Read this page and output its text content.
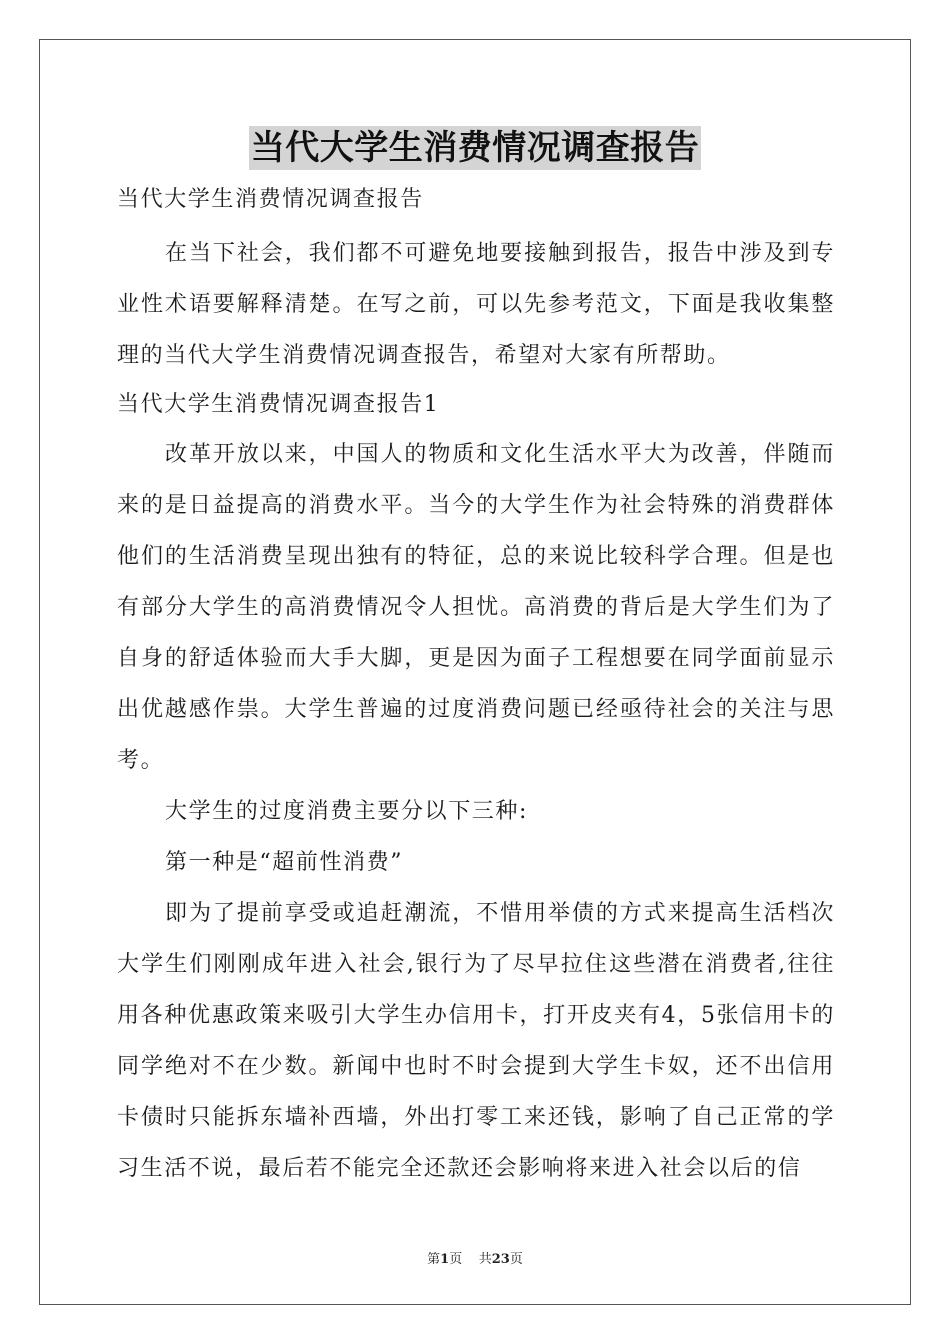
当代大学生消费情况调查报告

当代大学生消费情况调查报告

在当下社会，我们都不可避免地要接触到报告，报告中涉及到专业性术语要解释清楚。在写之前，可以先参考范文，下面是我收集整理的当代大学生消费情况调查报告，希望对大家有所帮助。

当代大学生消费情况调查报告1

改革开放以来，中国人的物质和文化生活水平大为改善，伴随而来的是日益提高的消费水平。当今的大学生作为社会特殊的消费群体他们的生活消费呈现出独有的特征，总的来说比较科学合理。但是也有部分大学生的高消费情况令人担忧。高消费的背后是大学生们为了自身的舒适体验而大手大脚，更是因为面子工程想要在同学面前显示出优越感作祟。大学生普遍的过度消费问题已经亟待社会的关注与思考。

大学生的过度消费主要分以下三种:

第一种是“超前性消费”

即为了提前享受或追赶潮流，不惜用举债的方式来提高生活档次大学生们刚刚成年进入社会,银行为了尽早拉住这些潜在消费者,往往用各种优惠政策来吸引大学生办信用卡，打开皮夹有4，5张信用卡的同学绝对不在少数。新闻中也时不时会提到大学生卡奴，还不出信用卡债时只能拆东墙补西墙，外出打零工来还钱，影响了自己正常的学习生活不说，最后若不能完全还款还会影响将来进入社会以后的信

第1页 共23页
